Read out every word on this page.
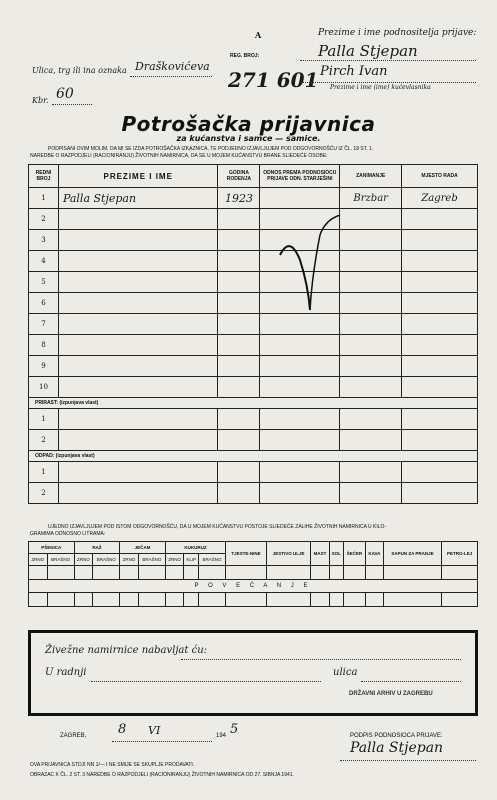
A
REG. BROJ:
271 601
Prezime i ime podnositelja prijave:
Palla Stjepan
Pirch Ivan
Prezime i ime (ime) kućevlasnika
Ulica, trg ili ina oznaka Draškovićeva
Kbr. 60
Potrošačka prijavnica
za kućanstva i samce — samice.
PODPISANI OVIM MOLIM, DA MI SE IZDA POTROŠAČKA IZKAZNICA, TE PODJEDNO IZJAVLJUJEM POD ODGOVORNOŠĆU IZ ČL. 18 ST. 1.
NAREDBE O RAZPODJELI (RACIONIRANJU) ŽIVOTNIH NAMIRNICA, DA SE U MOJEM KUĆANSTVU BRANE SLIEDEĆE OSOBE:
REDNI BROJ	PREZIME I IME	GODINA RODENJA	ODNOS PREMA PODNOSIOCU PRIJAVE ODN. STARJEŠINI	ZANIMANJE	MJESTO RADA
1	Palla Stjepan	1923		Brzbar	Zagreb
2					
3					
4					
5					
6					
7					
8					
9					
10					
PRIRAST: (izpunjava vlast)					
1					
2					
ODPAD: (izpunjava vlast)					
1					
2					
UJEDNO IZJAVLJUJEM POD ISTOM ODGOVORNOŠĆU, DA U MOJEM KUĆANSTVU POSTOJE SLIEDEĆE ZALIHE ŽIVOTNIH NAMIRNICA U KILO-
GRAMIMA ODNOSNO LITRAMA:
PŠENICA		RAŽ		JEČAM		KUKURUZ			TJESTE-NINE	JESTIVO ULJE	MAST	SOL	ŠEĆER	KAVA	SAPUN ZA PRANJE	PETRO-LEJ
ZRNO	BRAŠNO	ZRNO	BRAŠNO	ZRNO	BRAŠNO	ZRNO	KLIP	BRAŠNO								

P O V E Ć A N J E																

Živežne namirnice nabavljat ću:
U radnji	ulica
DRŽAVNI ARHIV U ZAGREBU
ZAGREB, 8 VI	194 5	PODPIS PODNOSIOCA PRIJAVE:
Palla Stjepan
OVA PRIJAVNICA STOJI NN 1/— I NE SMIJE SE SKUPLJE PRODAVATI.
OBRAZAC K ČL. 2 ST. 3 NAREDBE O RAZPODJELI (RACIONIRANJU) ŽIVOTNIH NAMIRNICA OD 27. SIBNJA 1941.
